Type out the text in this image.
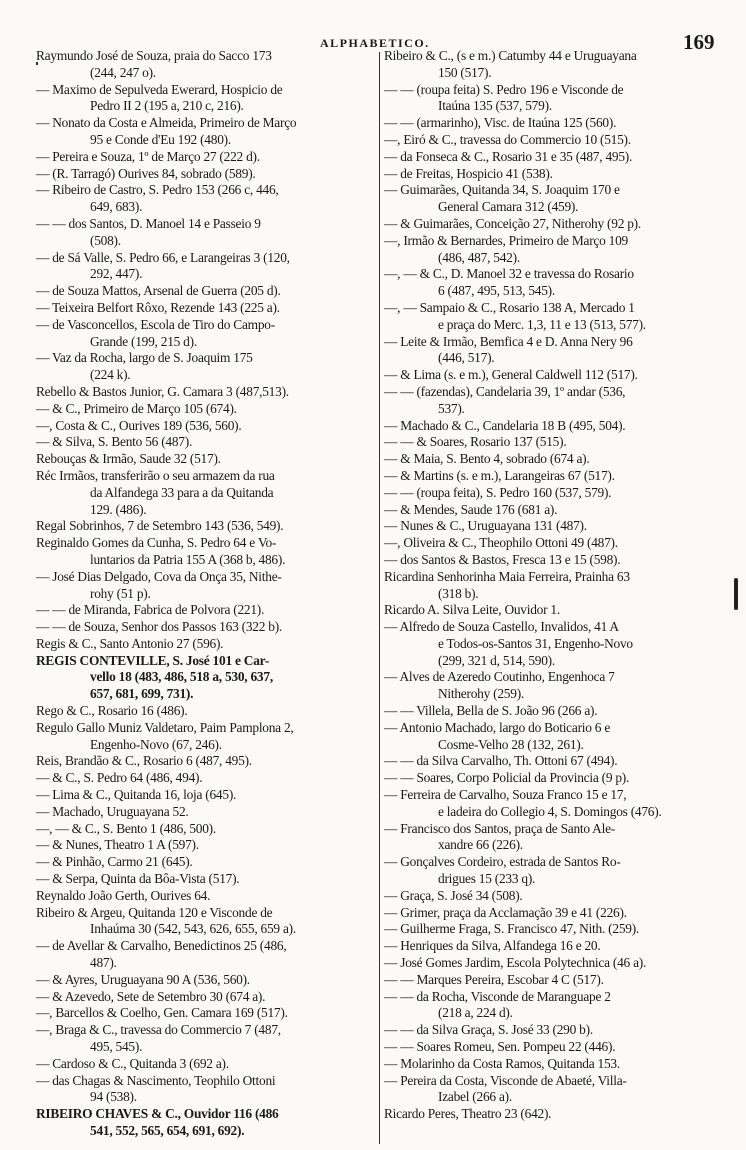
ALPHABETICO.	169
Raymundo José de Souza, praia do Sacco 173
(244, 247 o).
— Maximo de Sepulveda Ewerard, Hospicio de
Pedro II 2 (195 a, 210 c, 216).
— Nonato da Costa e Almeida, Primeiro de Março
95 e Conde d'Eu 192 (480).
— Pereira e Souza, 1º de Março 27 (222 d).
— (R. Tarragó) Ourives 84, sobrado (589).
— Ribeiro de Castro, S. Pedro 153 (266 c, 446,
649, 683).
— — dos Santos, D. Manoel 14 e Passeio 9
(508).
— de Sá Valle, S. Pedro 66, e Larangeiras 3 (120,
292, 447).
— de Souza Mattos, Arsenal de Guerra (205 d).
— Teixeira Belfort Rôxo, Rezende 143 (225 a).
— de Vasconcellos, Escola de Tiro do Campo-
Grande (199, 215 d).
— Vaz da Rocha, largo de S. Joaquim 175
(224 k).
Rebello & Bastos Junior, G. Camara 3 (487,513).
— & C., Primeiro de Março 105 (674).
—, Costa & C., Ourives 189 (536, 560).
— & Silva, S. Bento 56 (487).
Rebouças & Irmão, Saude 32 (517).
Réc Irmãos, transferirão o seu armazem da rua
da Alfandega 33 para a da Quitanda
129. (486).
Regal Sobrinhos, 7 de Setembro 143 (536, 549).
Reginaldo Gomes da Cunha, S. Pedro 64 e Vo-
luntarios da Patria 155 A (368 b, 486).
— José Dias Delgado, Cova da Onça 35, Nithe-
rohy (51 p).
— — de Miranda, Fabrica de Polvora (221).
— — de Souza, Senhor dos Passos 163 (322 b).
Regis & C., Santo Antonio 27 (596).
REGIS CONTEVILLE, S. José 101 e Car-
vello 18 (483, 486, 518 a, 530, 637,
657, 681, 699, 731).
Rego & C., Rosario 16 (486).
Regulo Gallo Muniz Valdetaro, Paim Pamplona 2,
Engenho-Novo (67, 246).
Reis, Brandão & C., Rosario 6 (487, 495).
— & C., S. Pedro 64 (486, 494).
— Lima & C., Quitanda 16, loja (645).
— Machado, Uruguayana 52.
—, — & C., S. Bento 1 (486, 500).
— & Nunes, Theatro 1 A (597).
— & Pinhão, Carmo 21 (645).
— & Serpa, Quinta da Bôa-Vista (517).
Reynaldo João Gerth, Ourives 64.
Ribeiro & Argeu, Quitanda 120 e Visconde de
Inhaúma 30 (542, 543, 626, 655, 659 a).
— de Avellar & Carvalho, Benedictinos 25 (486,
487).
— & Ayres, Uruguayana 90 A (536, 560).
— & Azevedo, Sete de Setembro 30 (674 a).
—, Barcellos & Coelho, Gen. Camara 169 (517).
—, Braga & C., travessa do Commercio 7 (487,
495, 545).
— Cardoso & C., Quitanda 3 (692 a).
— das Chagas & Nascimento, Teophilo Ottoni
94 (538).
RIBEIRO CHAVES & C., Ouvidor 116 (486
541, 552, 565, 654, 691, 692).
Ribeiro & C., (s e m.) Catumby 44 e Uruguayana
150 (517).
— — (roupa feita) S. Pedro 196 e Visconde de
Itaúna 135 (537, 579).
— — (armarinho), Visc. de Itaúna 125 (560).
—, Eiró & C., travessa do Commercio 10 (515).
— da Fonseca & C., Rosario 31 e 35 (487, 495).
— de Freitas, Hospicio 41 (538).
— Guimarães, Quitanda 34, S. Joaquim 170 e
General Camara 312 (459).
— & Guimarães, Conceição 27, Nitherohy (92 p).
—, Irmão & Bernardes, Primeiro de Março 109
(486, 487, 542).
—, — & C., D. Manoel 32 e travessa do Rosario
6 (487, 495, 513, 545).
—, — Sampaio & C., Rosario 138 A, Mercado 1
e praça do Merc. 1,3, 11 e 13 (513, 577).
— Leite & Irmão, Bemfica 4 e D. Anna Nery 96
(446, 517).
— & Lima (s. e m.), General Caldwell 112 (517).
— — (fazendas), Candelaria 39, 1º andar (536,
537).
— Machado & C., Candelaria 18 B (495, 504).
— — & Soares, Rosario 137 (515).
— & Maia, S. Bento 4, sobrado (674 a).
— & Martins (s. e m.), Larangeiras 67 (517).
— — (roupa feita), S. Pedro 160 (537, 579).
— & Mendes, Saude 176 (681 a).
— Nunes & C., Uruguayana 131 (487).
—, Oliveira & C., Theophilo Ottoni 49 (487).
— dos Santos & Bastos, Fresca 13 e 15 (598).
Ricardina Senhorinha Maia Ferreira, Prainha 63
(318 b).
Ricardo A. Silva Leite, Ouvidor 1.
— Alfredo de Souza Castello, Invalidos, 41 A
e Todos-os-Santos 31, Engenho-Novo
(299, 321 d, 514, 590).
— Alves de Azeredo Coutinho, Engenhoca 7
Nitherohy (259).
— — Villela, Bella de S. João 96 (266 a).
— Antonio Machado, largo do Boticario 6 e
Cosme-Velho 28 (132, 261).
— — da Silva Carvalho, Th. Ottoni 67 (494).
— — Soares, Corpo Policial da Provincia (9 p).
— Ferreira de Carvalho, Souza Franco 15 e 17,
e ladeira do Collegio 4, S. Domingos (476).
— Francisco dos Santos, praça de Santo Ale-
xandre 66 (226).
— Gonçalves Cordeiro, estrada de Santos Ro-
drigues 15 (233 q).
— Graça, S. José 34 (508).
— Grimer, praça da Acclamação 39 e 41 (226).
— Guilherme Fraga, S. Francisco 47, Nith. (259).
— Henriques da Silva, Alfandega 16 e 20.
— José Gomes Jardim, Escola Polytechnica (46 a).
— — Marques Pereira, Escobar 4 C (517).
— — da Rocha, Visconde de Maranguape 2
(218 a, 224 d).
— — da Silva Graça, S. José 33 (290 b).
— — Soares Romeu, Sen. Pompeu 22 (446).
— Molarinho da Costa Ramos, Quitanda 153.
— Pereira da Costa, Visconde de Abaeté, Villa-
Izabel (266 a).
Ricardo Peres, Theatro 23 (642).
